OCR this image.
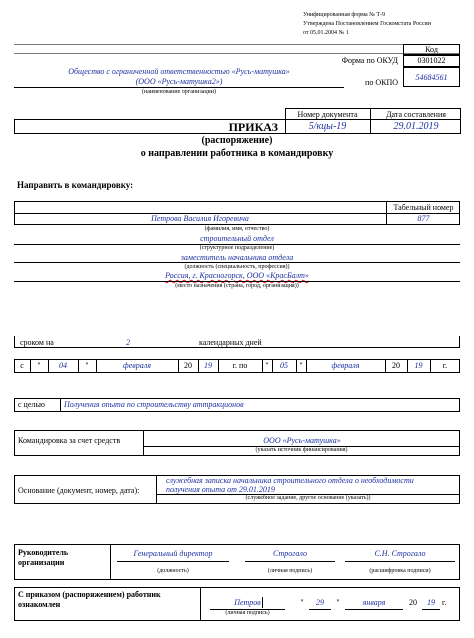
Унифицированная форма № Т-9
Утверждена Постановлением Госкомстата России
от 05.01.2004 № 1
Код
Форма по ОКУД	0301022
54684561
по ОКПО
Общество с ограниченной ответственностью «Русь-матушка»
(ООО «Русь-матушка2»)
(наименование организации)
Номер документа	Дата составления
5/кцы-19	29.01.2019
ПРИКАЗ
(распоряжение)
о направлении работника в командировку
Направить в командировку:
Табельный номер
Петрова Василия Игоревича	877
(фамилия, имя, отчество)
строительный отдел
(структурное подразделение)
заместитель начальника отдела
(должность (специальность, профессия))
Россия, г. Красногорск, ООО «КрасБалт»
(место назначения (страна, город, организация))
сроком на	2	календарных дней
с	"	04	"	февраля	20	19	г. по	"	05	"	февраля	20	19	г.
с целью Получения опыта по строительству аттракционов
Командировка за счет средств	ООО «Русь-матушка»
(указать источник финансирования)
Основание (документ, номер, дата):
служебная записка начальника строительного отдела о необходимости
получения опыта от 29.01.2019
(служебное задание, другое основание (указать))
Руководитель
организации
Генеральный директор
(должность)
Строгало
(личная подпись)
С.Н. Строгало
(расшифровка подписи)
С приказом (распоряжением) работник
ознакомлен	Петров
(личная подпись)
"	29	"	января	20	19 г.
